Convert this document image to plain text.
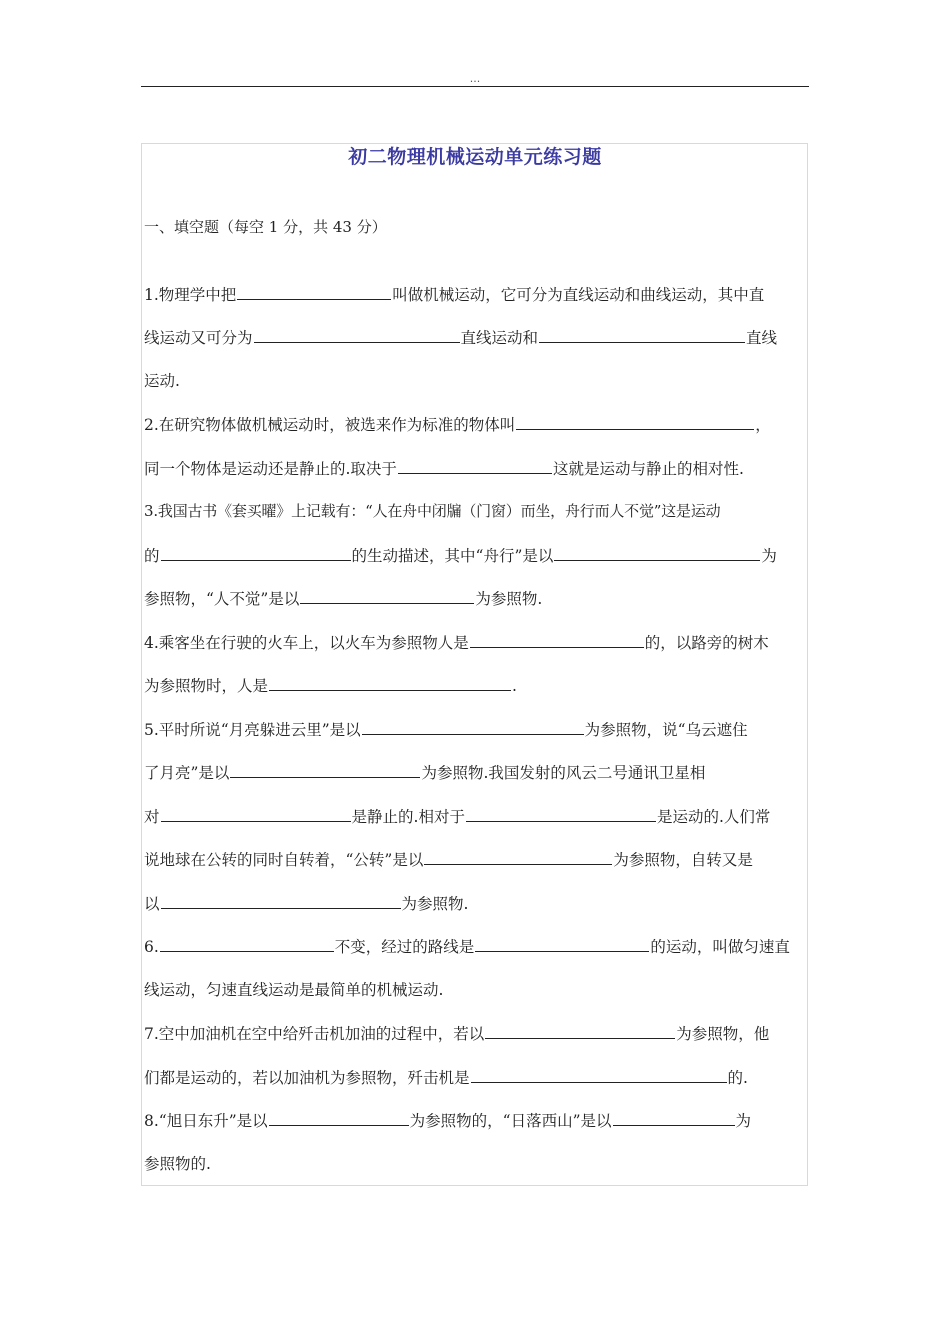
...
初二物理机械运动单元练习题
一、填空题（每空 1 分，共 43 分）
1.物理学中把	叫做机械运动，它可分为直线运动和曲线运动，其中直
线运动又可分为	直线运动和	直线
运动.
2.在研究物体做机械运动时，被选来作为标准的物体叫	，
同一个物体是运动还是静止的.取决于	这就是运动与静止的相对性.
3.我国古书《套买曜》上记载有：“人在舟中闭牖（门窗）而坐，舟行而人不觉”这是运动
的	的生动描述，其中“舟行”是以	为
参照物，“人不觉”是以	为参照物.
4.乘客坐在行驶的火车上，以火车为参照物人是	的，以路旁的树木
为参照物时，人是	.
5.平时所说“月亮躲进云里”是以	为参照物，说“乌云遮住
了月亮”是以	为参照物.我国发射的风云二号通讯卫星相
对	是静止的.相对于	是运动的.人们常
说地球在公转的同时自转着，“公转”是以	为参照物，自转又是
以	为参照物.
6.	不变，经过的路线是	的运动，叫做匀速直
线运动，匀速直线运动是最简单的机械运动.
7.空中加油机在空中给歼击机加油的过程中，若以	为参照物，他
们都是运动的，若以加油机为参照物，歼击机是	的.
8.“旭日东升”是以	为参照物的，“日落西山”是以	为
参照物的.
